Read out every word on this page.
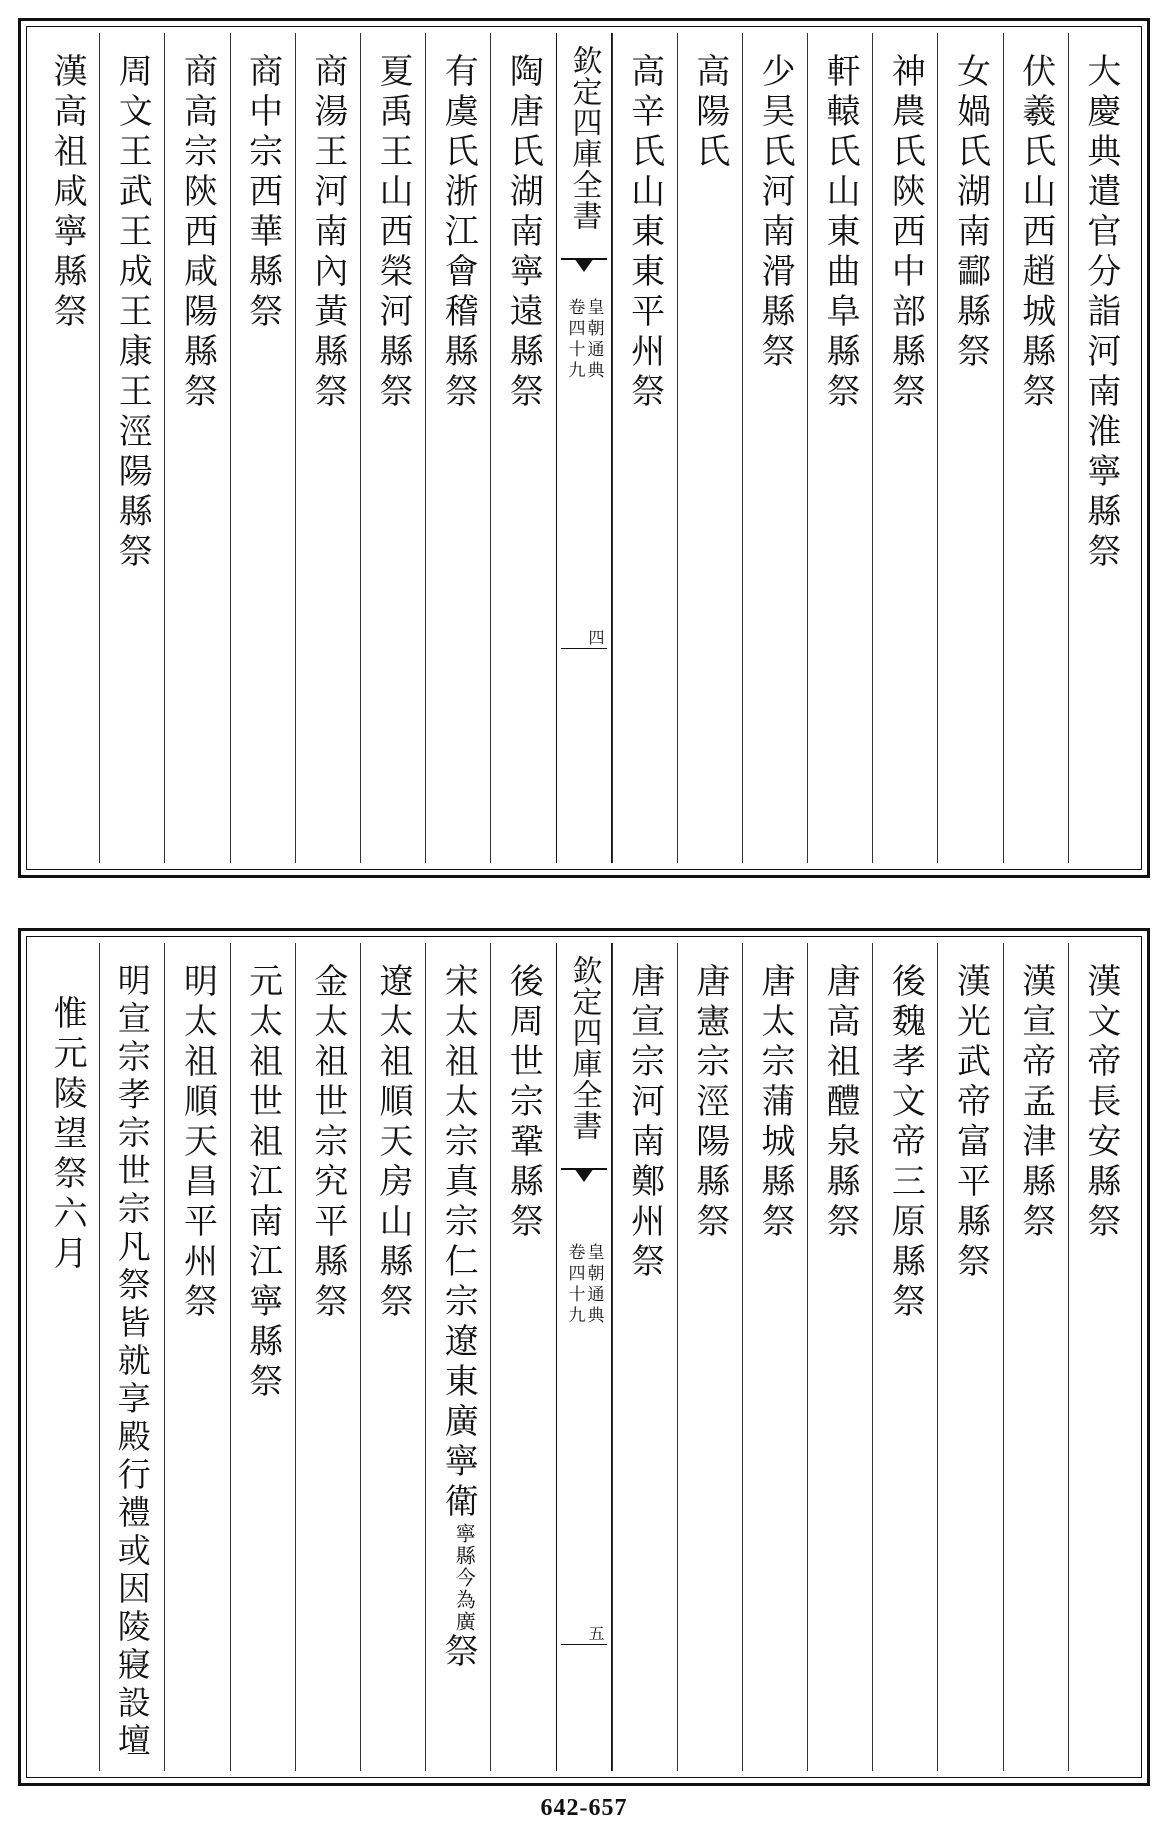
大慶典遣官分詣河南淮寧縣祭
伏羲氏山西趙城縣祭
女媧氏湖南酃縣祭
神農氏陝西中部縣祭
軒轅氏山東曲阜縣祭
少昊氏河南滑縣祭
高陽氏
高辛氏山東東平州祭
欽定四庫全書
皇朝通典
卷四十九
四
陶唐氏湖南寧遠縣祭
有虞氏浙江會稽縣祭
夏禹王山西榮河縣祭
商湯王河南內黃縣祭
商中宗西華縣祭
商高宗陝西咸陽縣祭
周文王武王成王康王涇陽縣祭
漢高祖咸寧縣祭
漢文帝長安縣祭
漢宣帝孟津縣祭
漢光武帝富平縣祭
後魏孝文帝三原縣祭
唐高祖醴泉縣祭
唐太宗蒲城縣祭
唐憲宗涇陽縣祭
唐宣宗河南鄭州祭
欽定四庫全書
皇朝通典
卷四十九
五
後周世宗鞏縣祭
宋太祖太宗真宗仁宗遼東廣寧衛
今為廣
寧縣
祭
遼太祖順天房山縣祭
金太祖世宗究平縣祭
元太祖世祖江南江寧縣祭
明太祖順天昌平州祭
明宣宗孝宗世宗凡祭皆就享殿行禮或因陵寢設壇
惟元陵望祭六月
642-657
